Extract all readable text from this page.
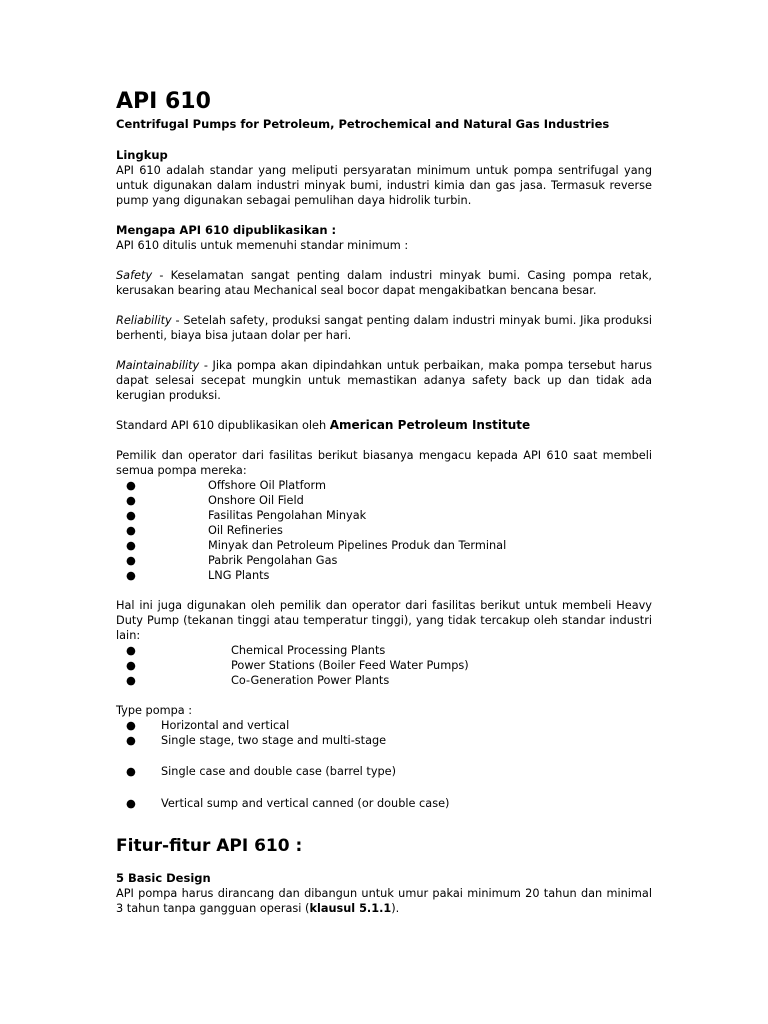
API 610
Centrifugal Pumps for Petroleum, Petrochemical and Natural Gas Industries
Lingkup

API 610 adalah standar yang meliputi persyaratan minimum untuk pompa sentrifugal yang untuk digunakan dalam industri minyak bumi, industri kimia dan gas jasa. Termasuk reverse pump yang digunakan sebagai pemulihan daya hidrolik turbin.

Mengapa API 610 dipublikasikan :

API 610 ditulis untuk memenuhi standar minimum :

Safety - Keselamatan sangat penting dalam industri minyak bumi. Casing pompa retak, kerusakan bearing atau Mechanical seal bocor dapat mengakibatkan bencana besar.

Reliability - Setelah safety, produksi sangat penting dalam industri minyak bumi. Jika produksi berhenti, biaya bisa jutaan dolar per hari.

Maintainability - Jika pompa akan dipindahkan untuk perbaikan, maka pompa tersebut harus dapat selesai secepat mungkin untuk memastikan adanya safety back up dan tidak ada kerugian produksi.

Standard API 610 dipublikasikan oleh American Petroleum Institute

Pemilik dan operator dari fasilitas berikut biasanya mengacu kepada API 610 saat membeli semua pompa mereka:

●	Offshore Oil Platform
●	Onshore Oil Field
●	Fasilitas Pengolahan Minyak
●	Oil Refineries
●	Minyak dan Petroleum Pipelines Produk dan Terminal
●	Pabrik Pengolahan Gas
●	LNG Plants

Hal ini juga digunakan oleh pemilik dan operator dari fasilitas berikut untuk membeli Heavy Duty Pump (tekanan tinggi atau temperatur tinggi), yang tidak tercakup oleh standar industri lain:

●	Chemical Processing Plants
●	Power Stations (Boiler Feed Water Pumps)
●	Co-Generation Power Plants

Type pompa :

● Horizontal and vertical
● Single stage, two stage and multi-stage
● Single case and double case (barrel type)
● Vertical sump and vertical canned (or double case)
Fitur-fitur API 610 :
5 Basic Design

API pompa harus dirancang dan dibangun untuk umur pakai minimum 20 tahun dan minimal 3 tahun tanpa gangguan operasi (klausul 5.1.1).
